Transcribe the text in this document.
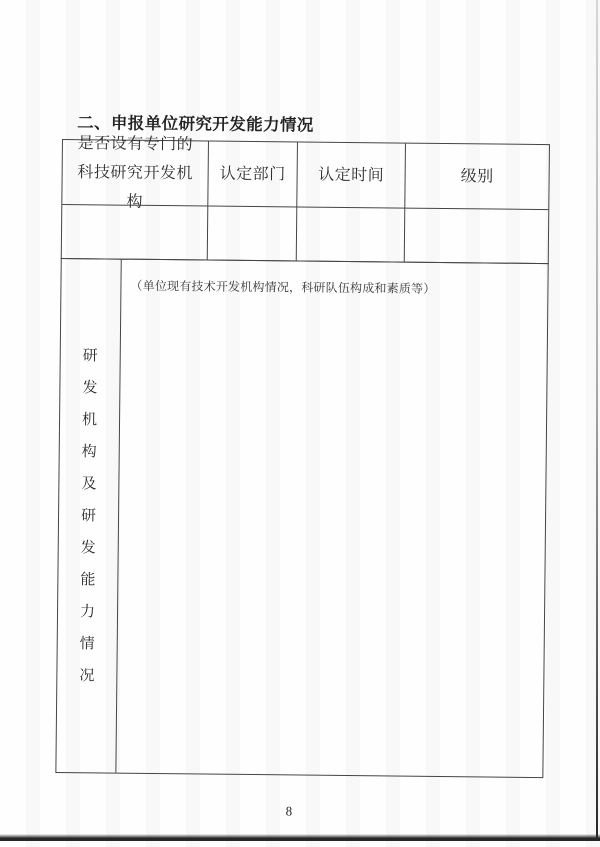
二、申报单位研究开发能力情况
是否设有专门的科技研究开发机构
认定部门	认定时间	级别
研
发
机
构
及
研
发
能
力
情
况
（单位现有技术开发机构情况，科研队伍构成和素质等）
8
